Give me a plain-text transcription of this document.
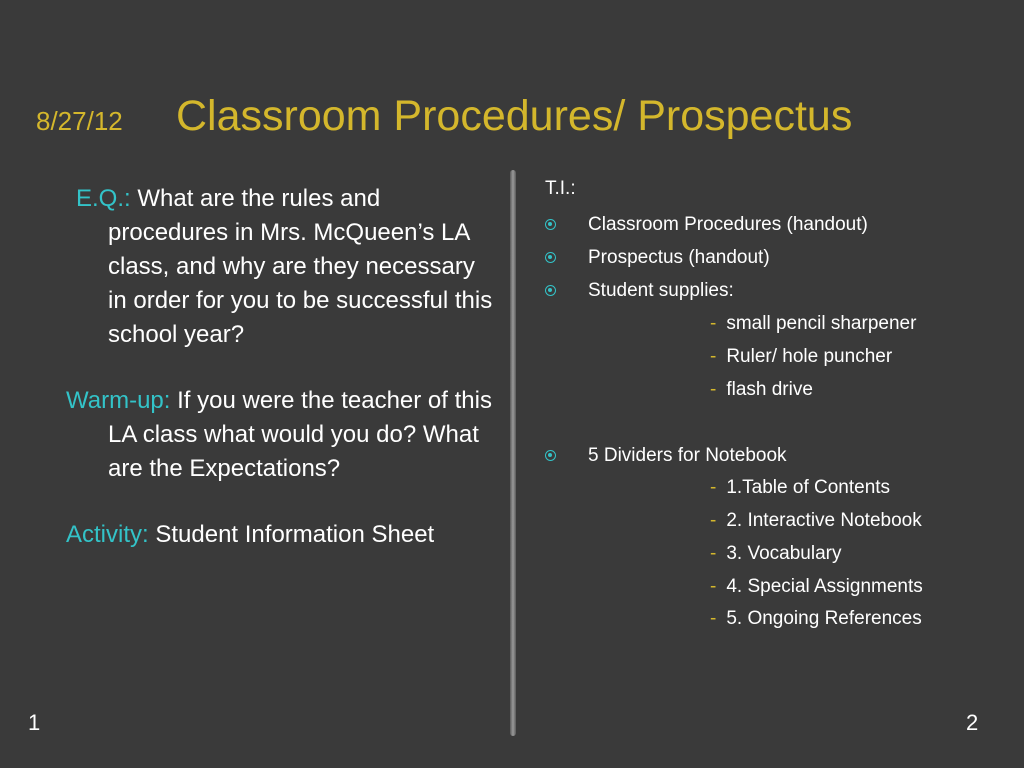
8/27/12 Classroom Procedures/ Prospectus

E.Q.: What are the rules and procedures in Mrs. McQueen’s LA class, and why are they necessary in order for you to be successful this school year?

Warm-up: If you were the teacher of this LA class what would you do? What are the Expectations?

Activity: Student Information Sheet

T.I.:
Classroom Procedures (handout)
Prospectus (handout)
Student supplies:
- small pencil sharpener
- Ruler/ hole puncher
- flash drive
5 Dividers for Notebook
- 1.Table of Contents
- 2. Interactive Notebook
- 3. Vocabulary
- 4. Special Assignments
- 5. Ongoing References
1	2
